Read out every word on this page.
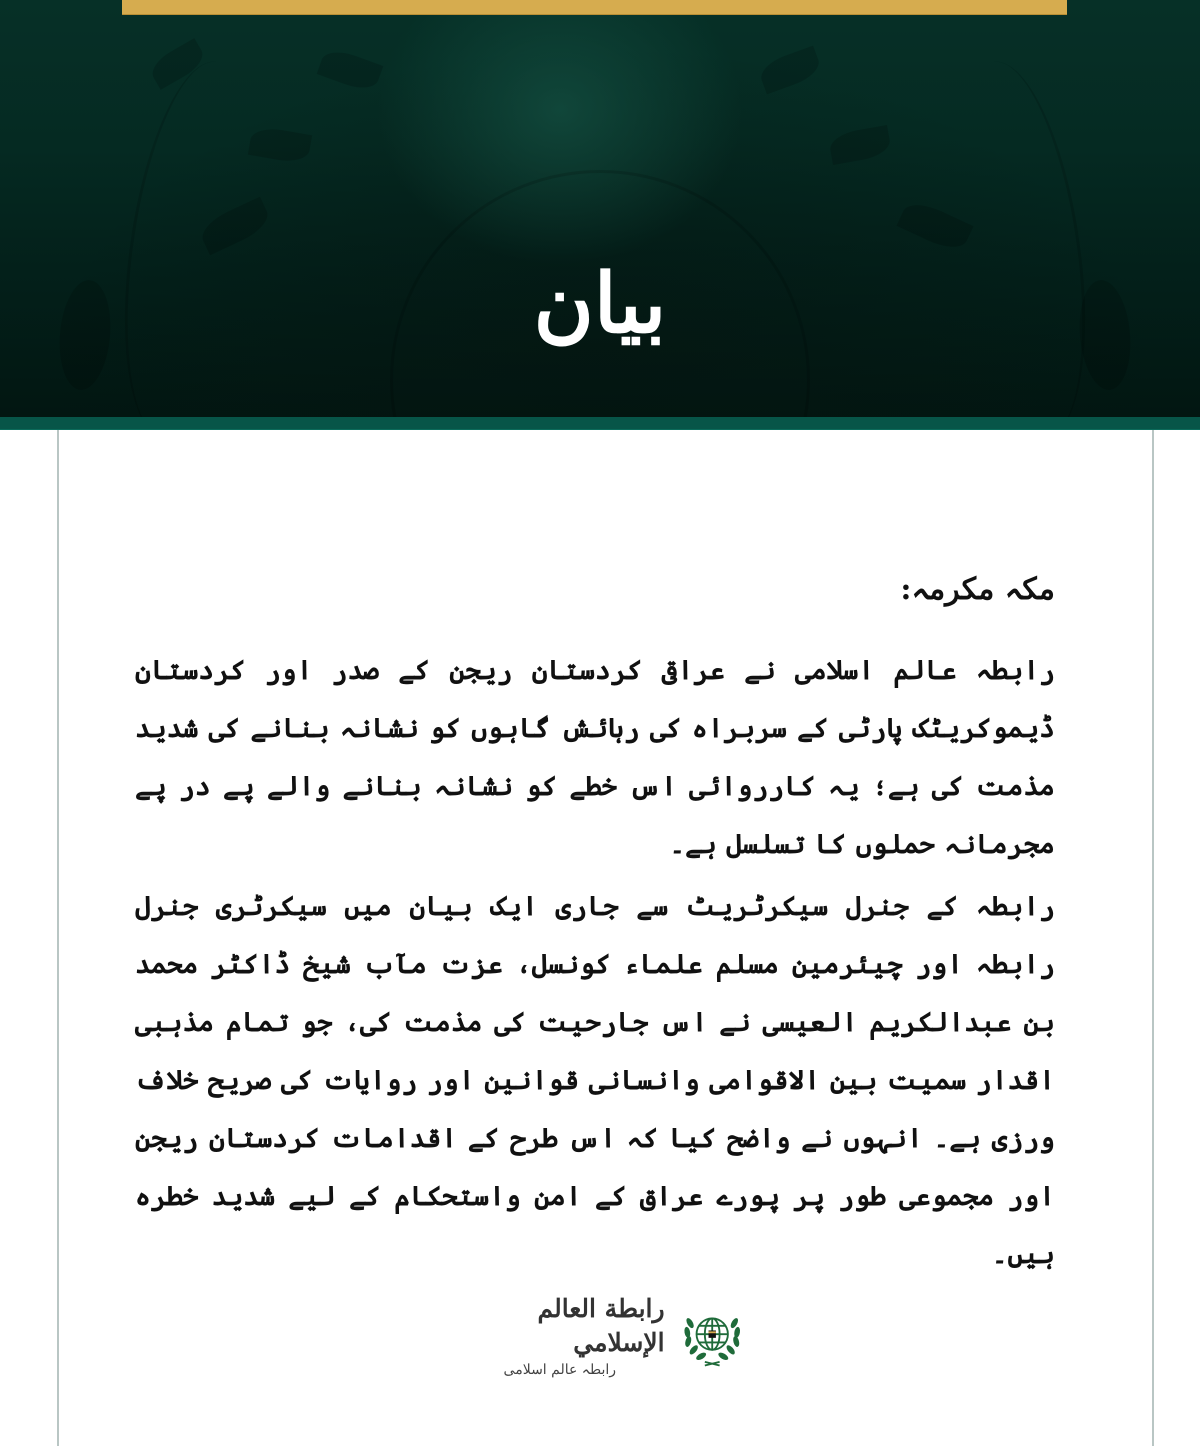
بیان
مکہ مکرمہ:

رابطہ عالم اسلامی نے عراقی کردستان ریجن کے صدر اور کردستان ڈیموکریٹک پارٹی کے سربراہ کی رہائش گاہوں کو نشانہ بنانے کی شدید مذمت کی ہے؛ یہ کارروائی اس خطے کو نشانہ بنانے والے پے در پے مجرمانہ حملوں کا تسلسل ہے۔

رابطہ کے جنرل سیکرٹریٹ سے جاری ایک بیان میں سیکرٹری جنرل رابطہ اور چیئرمین مسلم علماء کونسل، عزت مآب شیخ ڈاکٹر محمد بن عبدالکریم العیسی نے اس جارحیت کی مذمت کی، جو تمام مذہبی اقدار سمیت بین الاقوامی وانسانی قوانین اور روایات کی صریح خلاف ورزی ہے۔ انہوں نے واضح کیا کہ اس طرح کے اقدامات کردستان ریجن اور مجموعی طور پر پورے عراق کے امن واستحکام کے لیے شدید خطرہ ہیں۔

رابطة العالم الإسلامي
رابطہ عالم اسلامی
